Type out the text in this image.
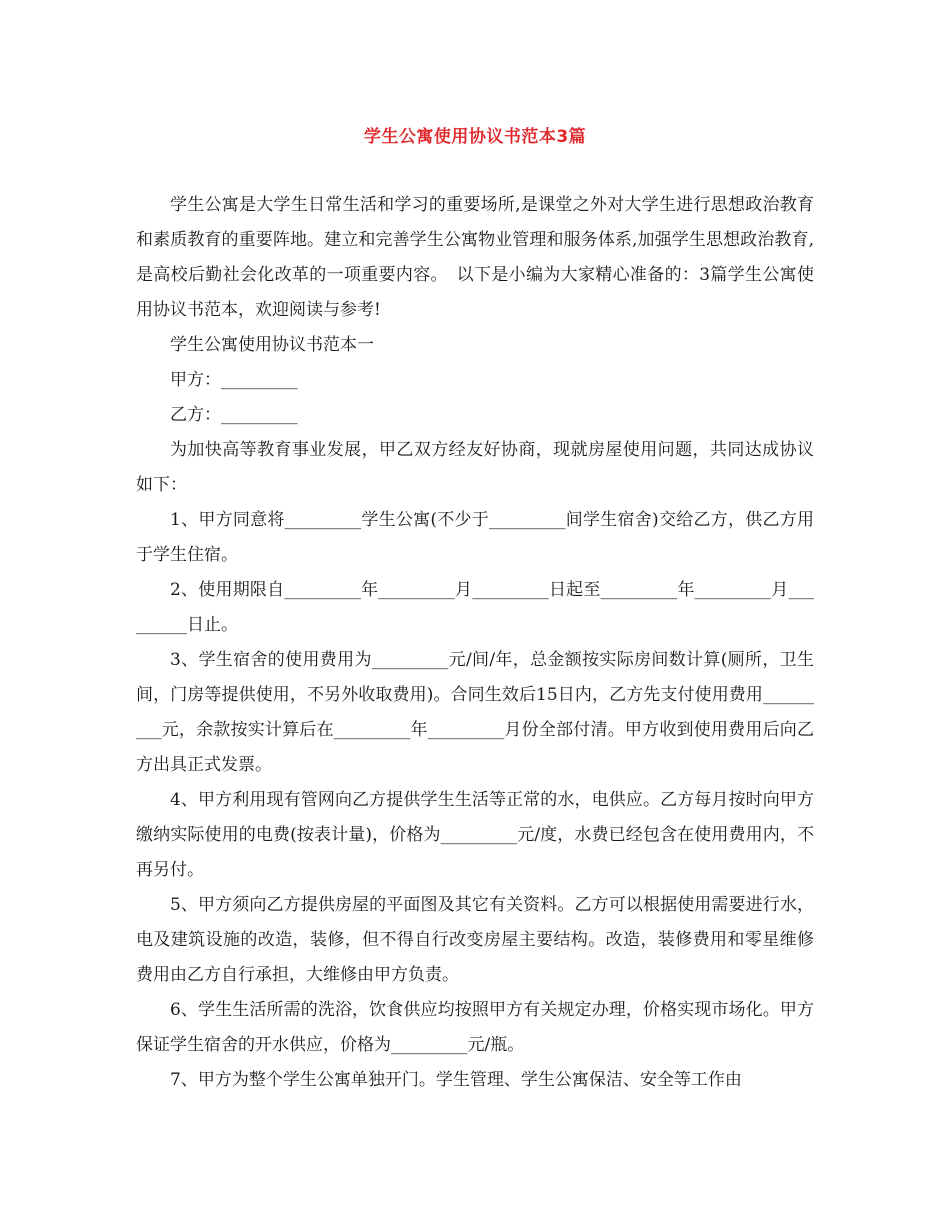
学生公寓使用协议书范本3篇

学生公寓是大学生日常生活和学习的重要场所,是课堂之外对大学生进行思想政治教育和素质教育的重要阵地。建立和完善学生公寓物业管理和服务体系,加强学生思想政治教育,是高校后勤社会化改革的一项重要内容。　以下是小编为大家精心准备的：3篇学生公寓使用协议书范本，欢迎阅读与参考!

学生公寓使用协议书范本一

甲方：_________

乙方：_________

为加快高等教育事业发展，甲乙双方经友好协商，现就房屋使用问题，共同达成协议如下：

1、甲方同意将_________学生公寓(不少于_________间学生宿舍)交给乙方，供乙方用于学生住宿。

2、使用期限自_________年_________月_________日起至_________年_________月_________日止。

3、学生宿舍的使用费用为_________元/间/年，总金额按实际房间数计算(厕所，卫生间，门房等提供使用，不另外收取费用)。合同生效后15日内，乙方先支付使用费用_________元，余款按实计算后在_________年_________月份全部付清。甲方收到使用费用后向乙方出具正式发票。

4、甲方利用现有管网向乙方提供学生生活等正常的水，电供应。乙方每月按时向甲方缴纳实际使用的电费(按表计量)，价格为_________元/度，水费已经包含在使用费用内，不再另付。

5、甲方须向乙方提供房屋的平面图及其它有关资料。乙方可以根据使用需要进行水，电及建筑设施的改造，装修，但不得自行改变房屋主要结构。改造，装修费用和零星维修费用由乙方自行承担，大维修由甲方负责。

6、学生生活所需的洗浴，饮食供应均按照甲方有关规定办理，价格实现市场化。甲方保证学生宿舍的开水供应，价格为_________元/瓶。

7、甲方为整个学生公寓单独开门。学生管理、学生公寓保洁、安全等工作由
